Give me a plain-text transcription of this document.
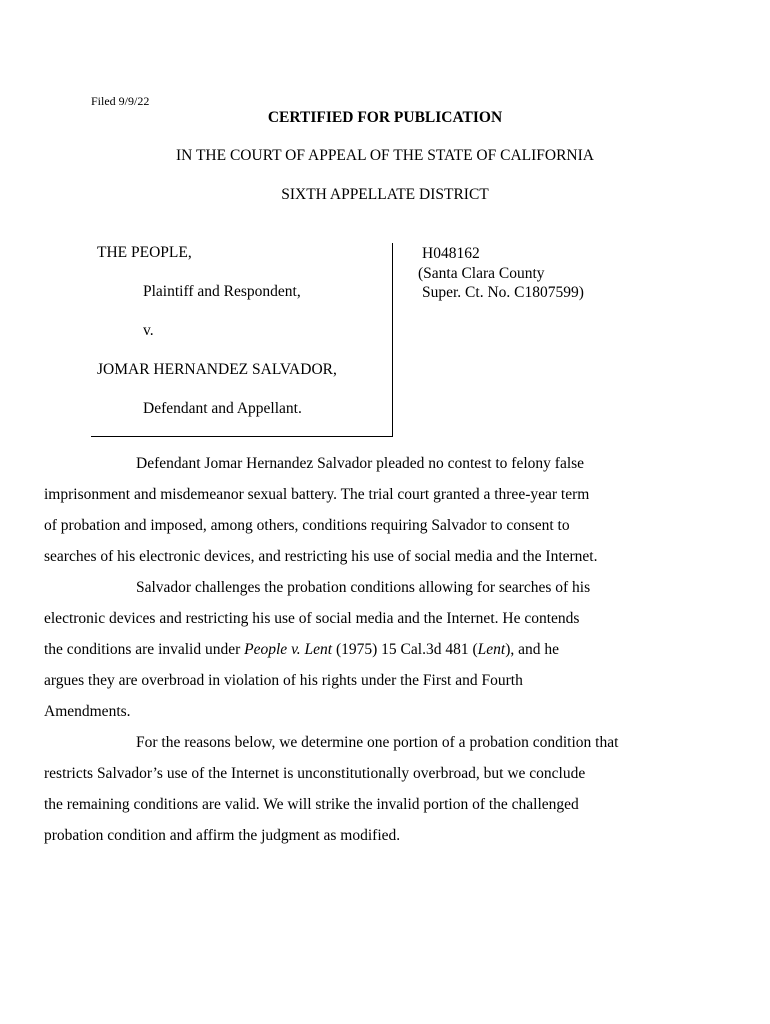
Filed 9/9/22
CERTIFIED FOR PUBLICATION
IN THE COURT OF APPEAL OF THE STATE OF CALIFORNIA
SIXTH APPELLATE DISTRICT
THE PEOPLE,
Plaintiff and Respondent,
v.
JOMAR HERNANDEZ SALVADOR,
Defendant and Appellant.
H048162
(Santa Clara County
Super. Ct. No. C1807599)

Defendant Jomar Hernandez Salvador pleaded no contest to felony false
imprisonment and misdemeanor sexual battery. The trial court granted a three-year term
of probation and imposed, among others, conditions requiring Salvador to consent to
searches of his electronic devices, and restricting his use of social media and the Internet.

Salvador challenges the probation conditions allowing for searches of his
electronic devices and restricting his use of social media and the Internet. He contends
the conditions are invalid under People v. Lent (1975) 15 Cal.3d 481 (Lent), and he
argues they are overbroad in violation of his rights under the First and Fourth
Amendments.

For the reasons below, we determine one portion of a probation condition that
restricts Salvador’s use of the Internet is unconstitutionally overbroad, but we conclude
the remaining conditions are valid. We will strike the invalid portion of the challenged
probation condition and affirm the judgment as modified.
